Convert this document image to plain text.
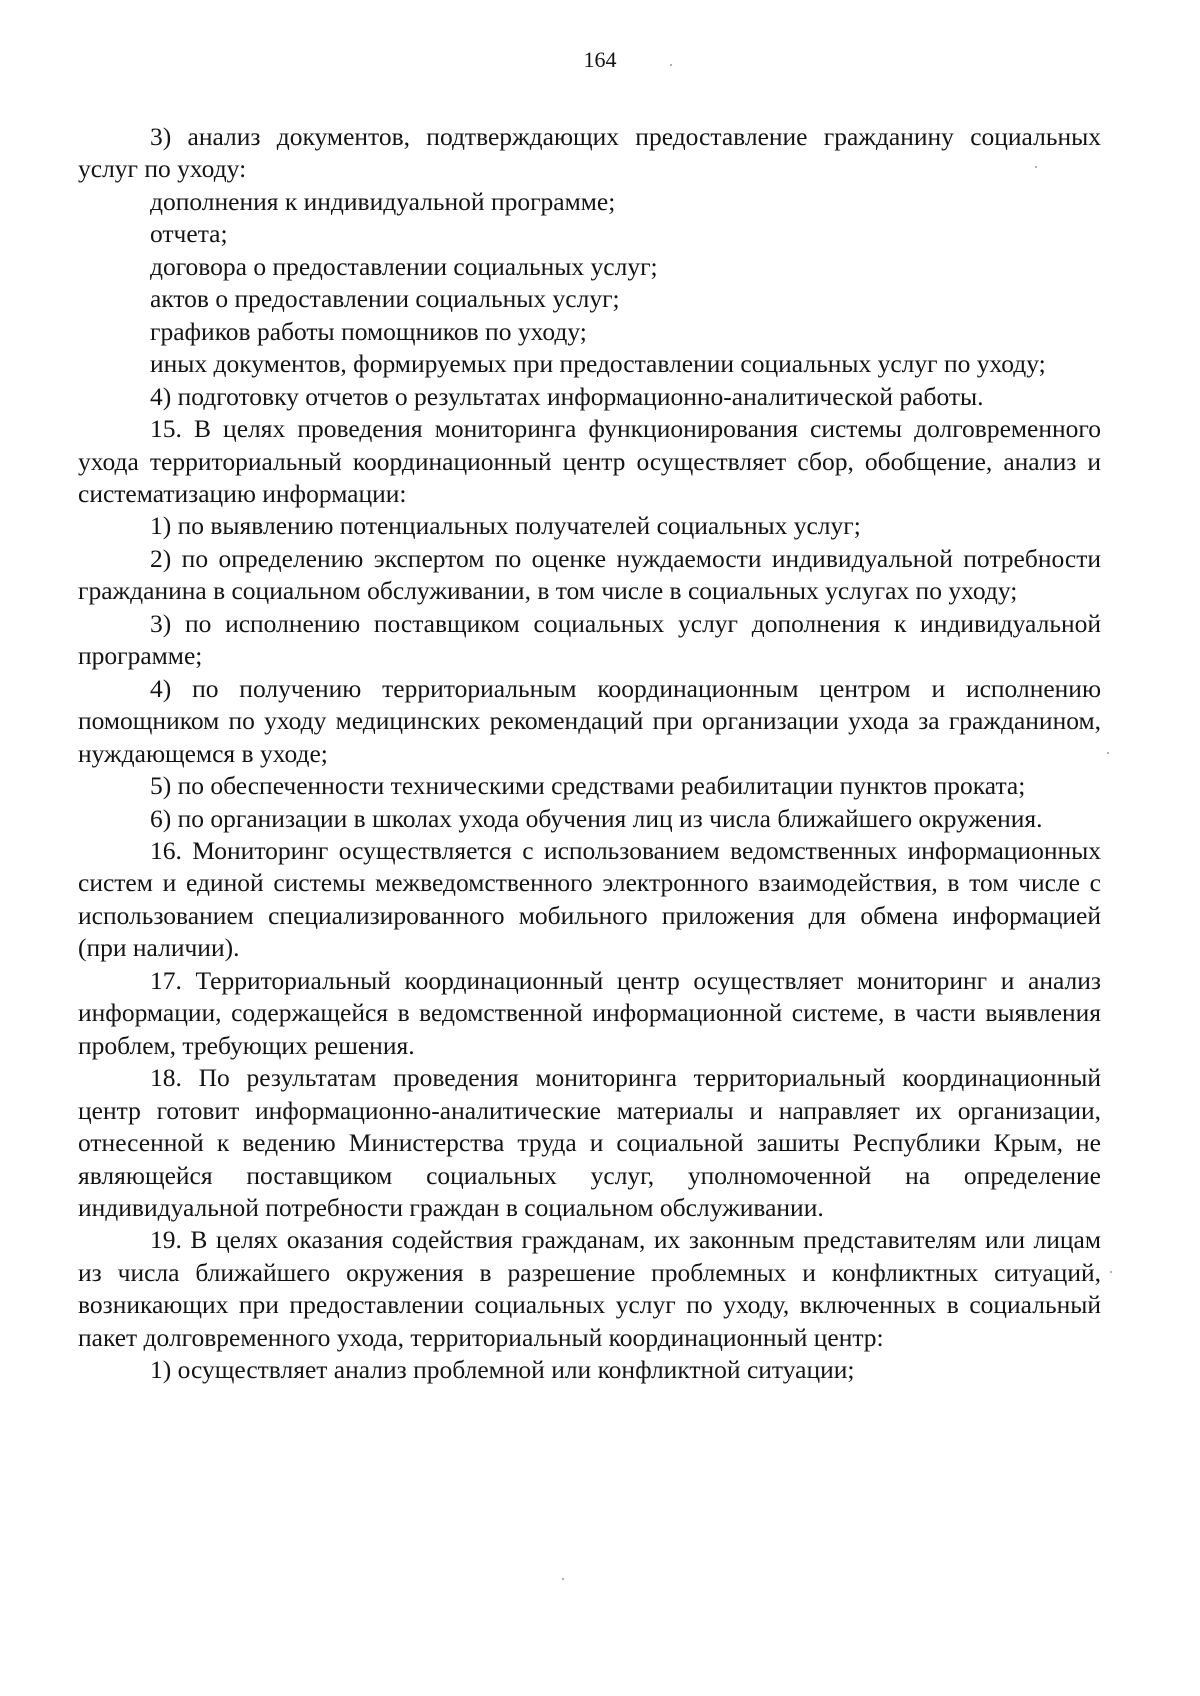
164

3) анализ документов, подтверждающих предоставление гражданину социальных услуг по уходу:

дополнения к индивидуальной программе;

отчета;

договора о предоставлении социальных услуг;

актов о предоставлении социальных услуг;

графиков работы помощников по уходу;

иных документов, формируемых при предоставлении социальных услуг по уходу;

4) подготовку отчетов о результатах информационно-аналитической работы.

15. В целях проведения мониторинга функционирования системы долговременного ухода территориальный координационный центр осуществляет сбор, обобщение, анализ и систематизацию информации:

1) по выявлению потенциальных получателей социальных услуг;

2) по определению экспертом по оценке нуждаемости индивидуальной потребности гражданина в социальном обслуживании, в том числе в социальных услугах по уходу;

3) по исполнению поставщиком социальных услуг дополнения к индивидуальной программе;

4) по получению территориальным координационным центром и исполнению помощником по уходу медицинских рекомендаций при организации ухода за гражданином, нуждающемся в уходе;

5) по обеспеченности техническими средствами реабилитации пунктов проката;

6) по организации в школах ухода обучения лиц из числа ближайшего окружения.

16. Мониторинг осуществляется с использованием ведомственных информационных систем и единой системы межведомственного электронного взаимодействия, в том числе с использованием специализированного мобильного приложения для обмена информацией (при наличии).

17. Территориальный координационный центр осуществляет мониторинг и анализ информации, содержащейся в ведомственной информационной системе, в части выявления проблем, требующих решения.

18. По результатам проведения мониторинга территориальный координационный центр готовит информационно-аналитические материалы и направляет их организации, отнесенной к ведению Министерства труда и социальной зашиты Республики Крым, не являющейся поставщиком социальных услуг, уполномоченной на определение индивидуальной потребности граждан в социальном обслуживании.

19. В целях оказания содействия гражданам, их законным представителям или лицам из числа ближайшего окружения в разрешение проблемных и конфликтных ситуаций, возникающих при предоставлении социальных услуг по уходу, включенных в социальный пакет долговременного ухода, территориальный координационный центр:

1) осуществляет анализ проблемной или конфликтной ситуации;
